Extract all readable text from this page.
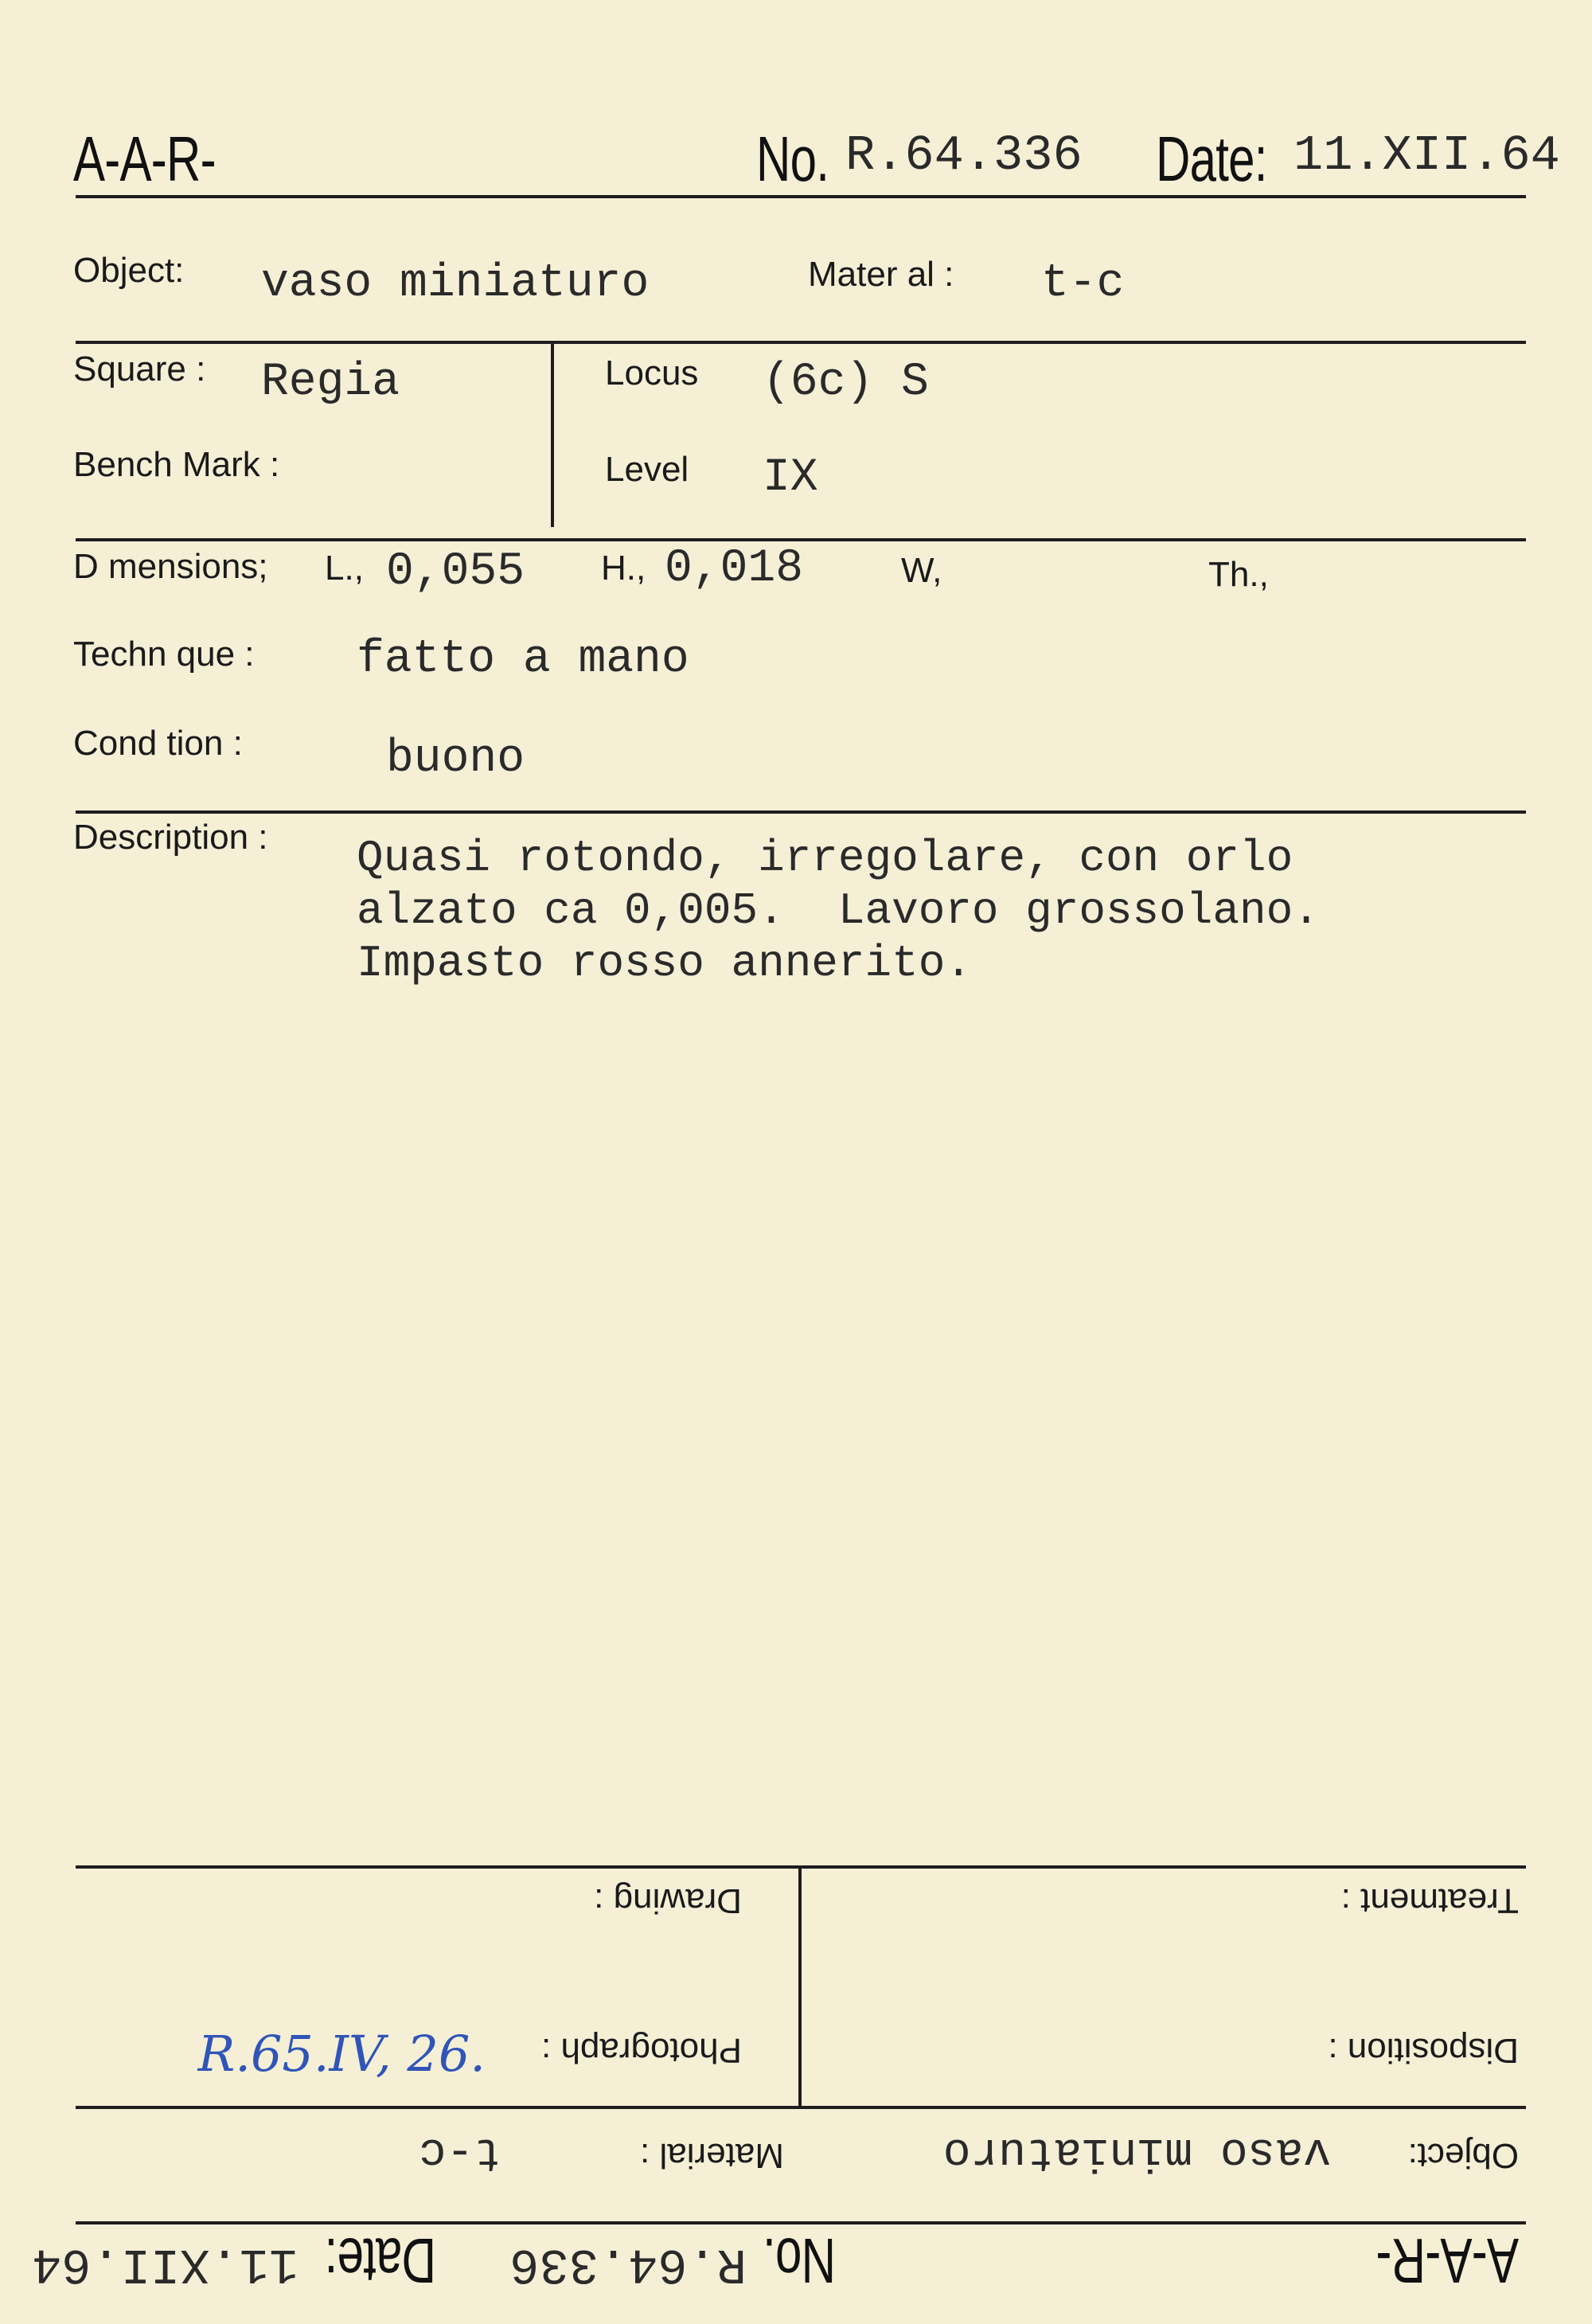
A-A-R-	No. R.64.336 Date: 11.XII.64
Object: vaso miniaturo	Mater al : t-c
Square : Regia	Locus (6c) S
Bench Mark :	Level IX
D mensions; L., 0,055 H., 0,018	W,	Th.,
Techn que : fatto a mano
Cond tion :	buono
Description : Quasi rotondo, irregolare, con orlo
alzato ca 0,005.  Lavoro grossolano.
Impasto rosso annerito.
A-A-R-
No.
R.64.336
Date:
11.XII.64
Object:
vaso miniaturo
Material :
t-c
Disposition :
Photograph :
R.65.IV, 26.
Treatment :
Drawing :
